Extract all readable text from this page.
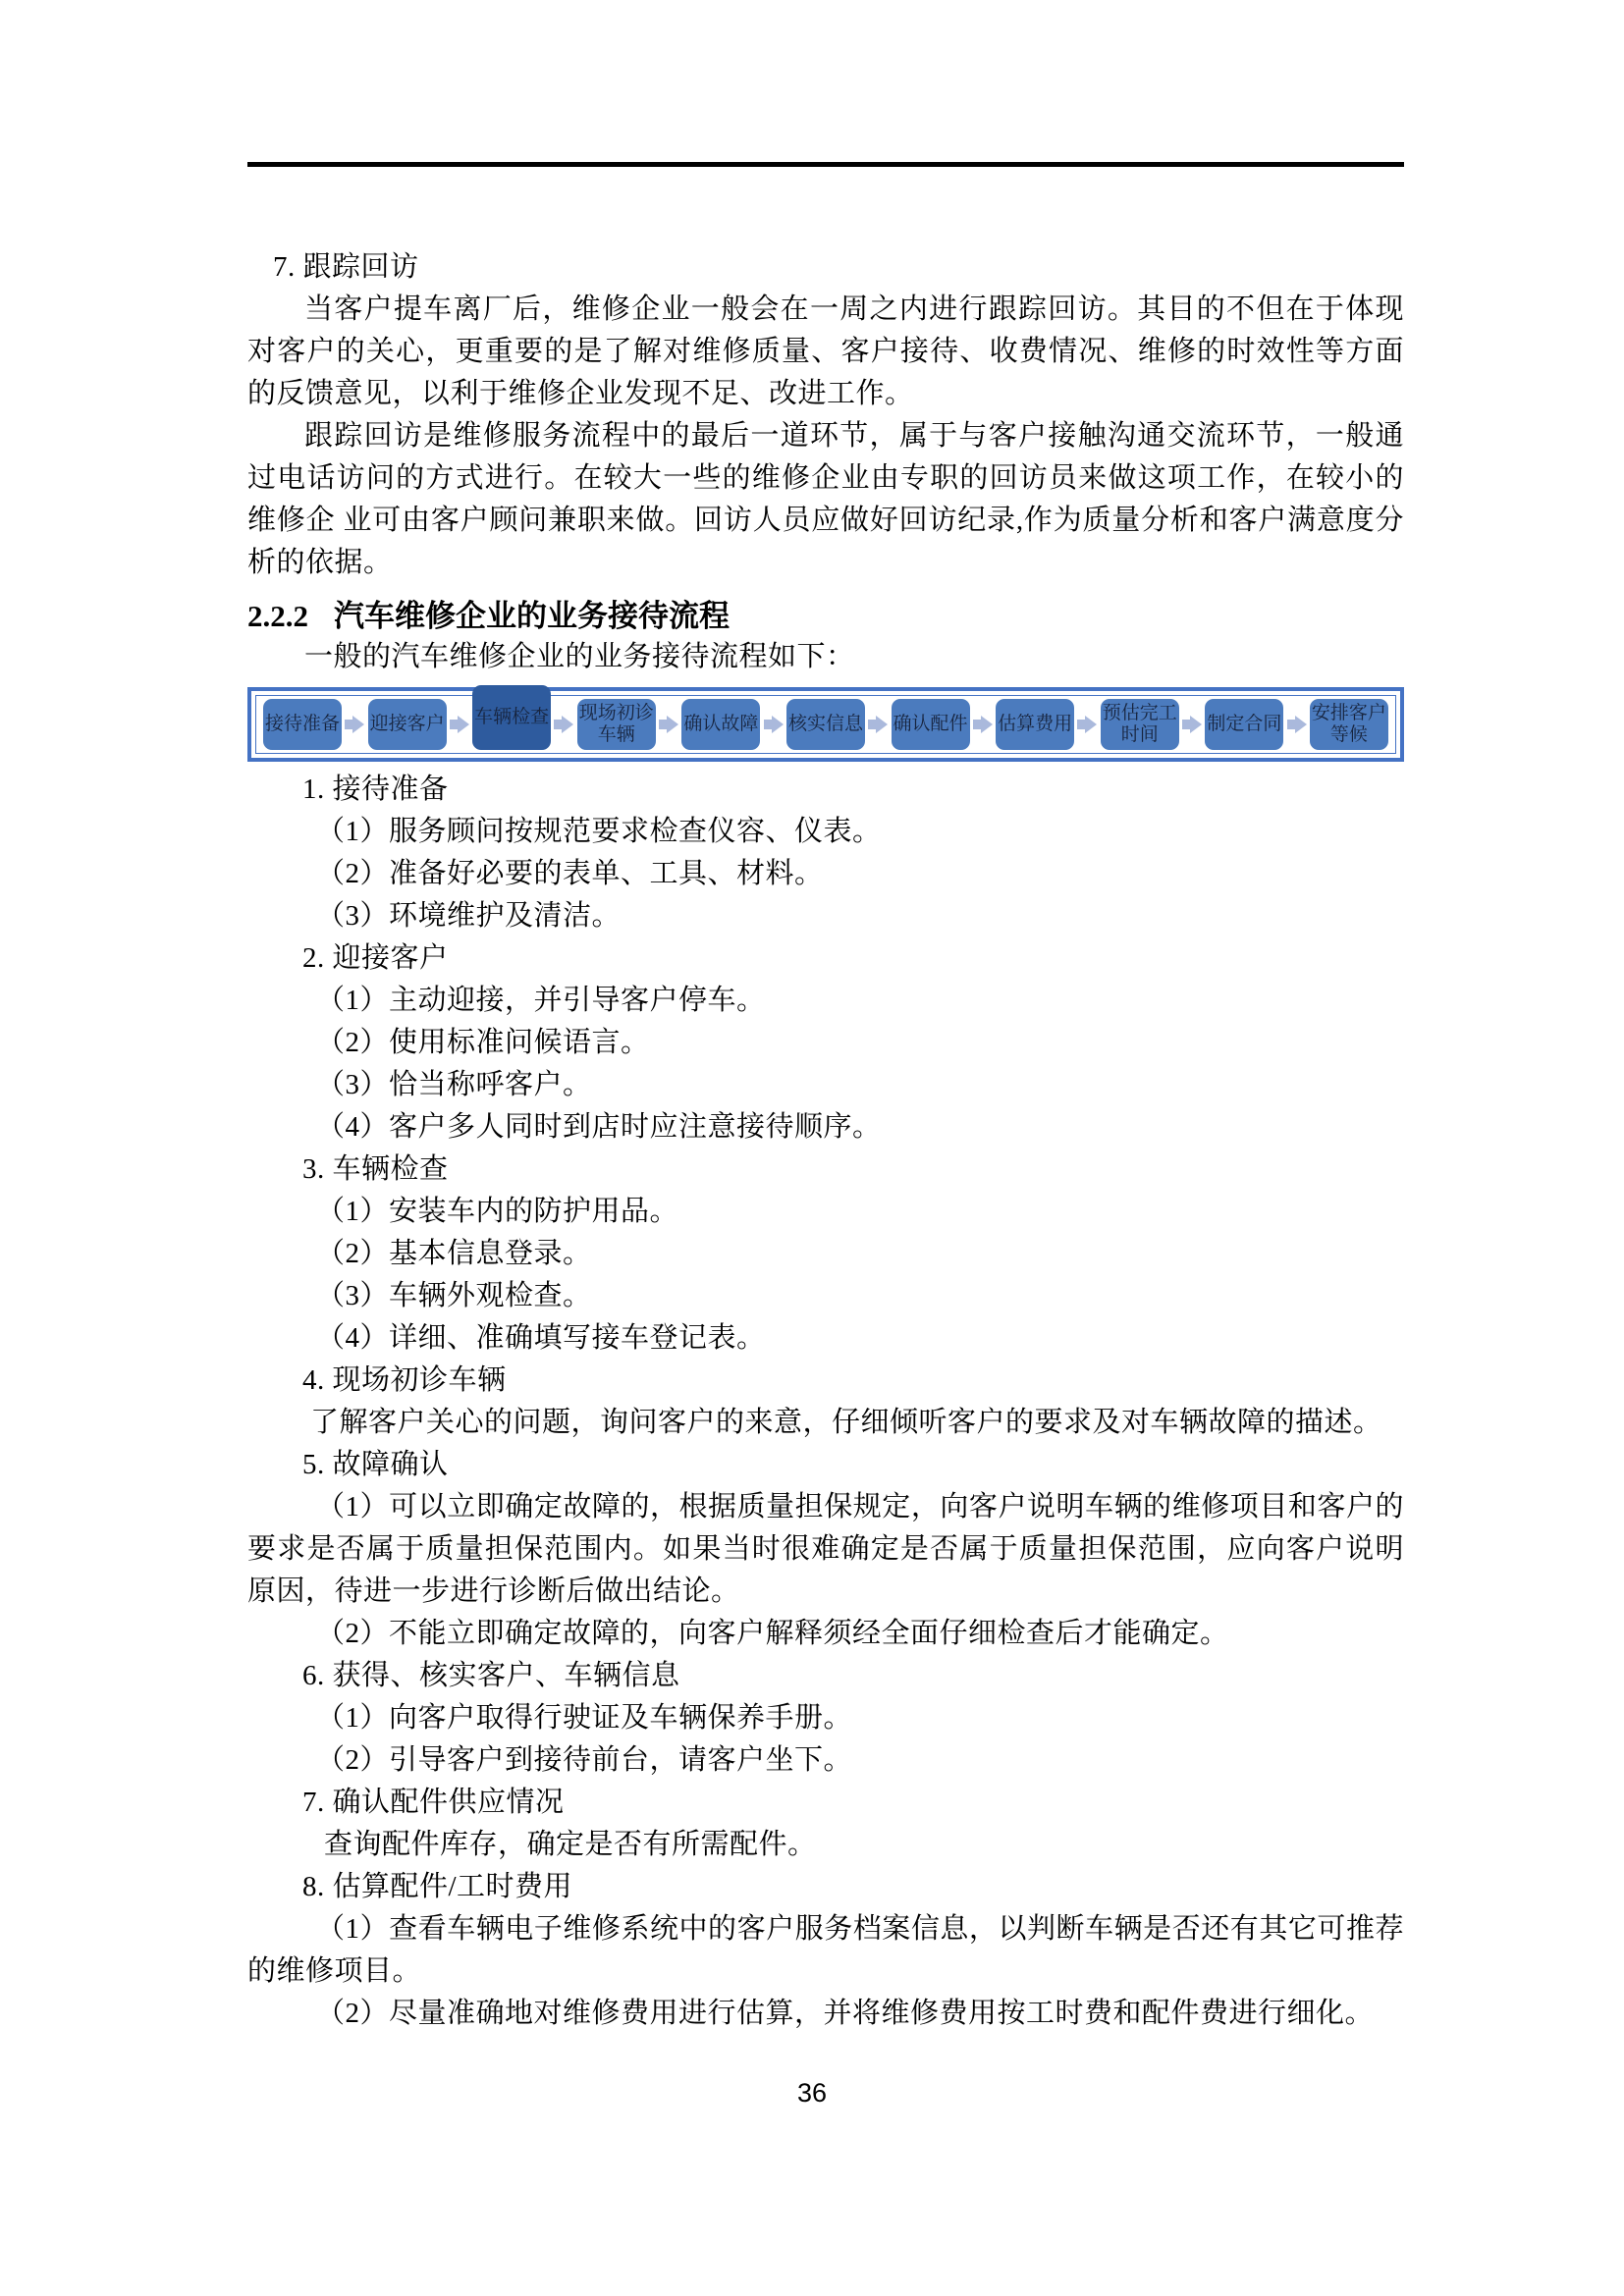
7. 跟踪回访
当客户提车离厂后，维修企业一般会在一周之内进行跟踪回访。其目的不但在于体现对客户的关心，更重要的是了解对维修质量、客户接待、收费情况、维修的时效性等方面的反馈意见，以利于维修企业发现不足、改进工作。
跟踪回访是维修服务流程中的最后一道环节，属于与客户接触沟通交流环节，一般通过电话访问的方式进行。在较大一些的维修企业由专职的回访员来做这项工作，在较小的维修企 业可由客户顾问兼职来做。回访人员应做好回访纪录,作为质量分析和客户满意度分析的依据。
2.2.2 汽车维修企业的业务接待流程
一般的汽车维修企业的业务接待流程如下：
接待准备 迎接客户 车辆检查 现场初诊车辆
确认故障 核实信息 确认配件 估算费用
预估完工时间
制定合同
安排客户等候
1. 接待准备
（1）服务顾问按规范要求检查仪容、仪表。
（2）准备好必要的表单、工具、材料。
（3）环境维护及清洁。
2. 迎接客户
（1）主动迎接，并引导客户停车。
（2）使用标准问候语言。
（3）恰当称呼客户。
（4）客户多人同时到店时应注意接待顺序。
3. 车辆检查
（1）安装车内的防护用品。
（2）基本信息登录。
（3）车辆外观检查。
（4）详细、准确填写接车登记表。
4. 现场初诊车辆
了解客户关心的问题，询问客户的来意，仔细倾听客户的要求及对车辆故障的描述。
5. 故障确认
（1）可以立即确定故障的，根据质量担保规定，向客户说明车辆的维修项目和客户的要求是否属于质量担保范围内。如果当时很难确定是否属于质量担保范围，应向客户说明原因，待进一步进行诊断后做出结论。
（2）不能立即确定故障的，向客户解释须经全面仔细检查后才能确定。
6. 获得、核实客户、车辆信息
（1）向客户取得行驶证及车辆保养手册。
（2）引导客户到接待前台，请客户坐下。
7. 确认配件供应情况
查询配件库存，确定是否有所需配件。
8. 估算配件/工时费用
（1）查看车辆电子维修系统中的客户服务档案信息，以判断车辆是否还有其它可推荐的维修项目。
（2）尽量准确地对维修费用进行估算，并将维修费用按工时费和配件费进行细化。
36
